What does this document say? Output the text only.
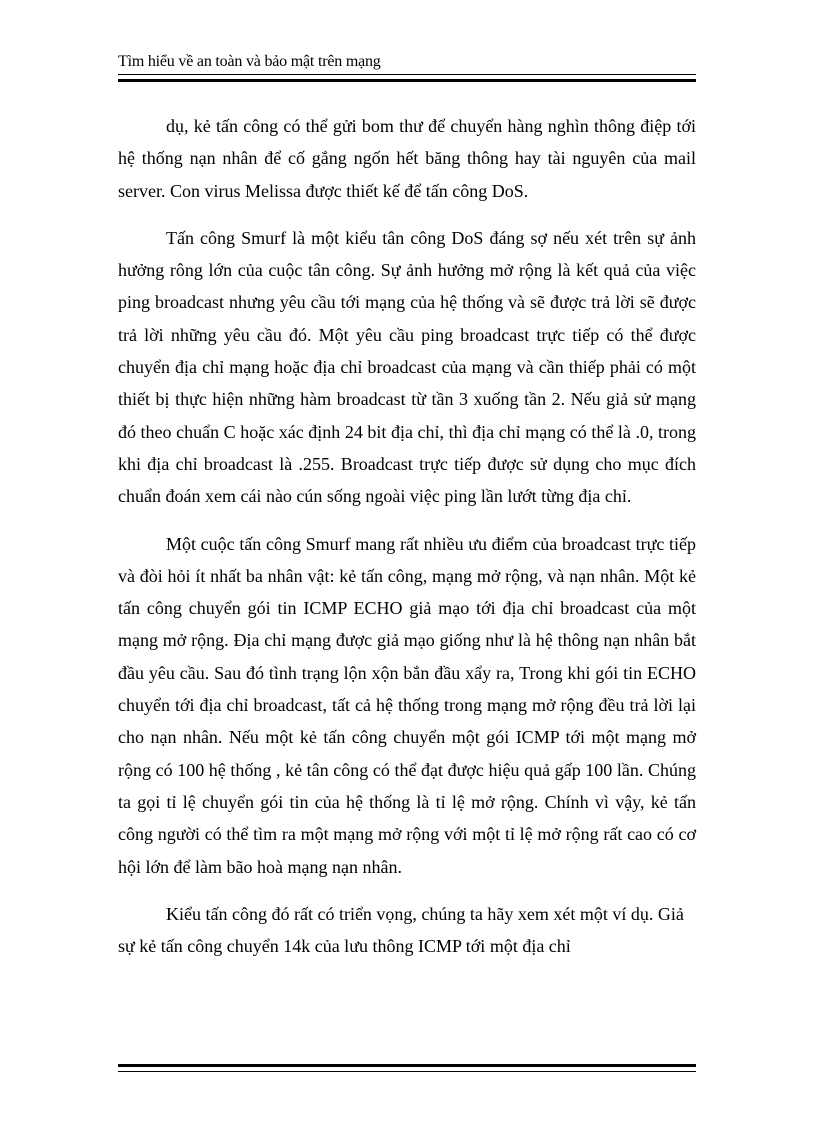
Tìm hiểu về an toàn và bảo mật trên mạng

dụ, kẻ tấn công có thể gửi bom thư để chuyển hàng nghìn thông điệp tới hệ thống nạn nhân để cố gắng ngốn hết băng thông hay tài nguyên của mail server. Con virus Melissa được thiết kế để tấn công DoS.

Tấn công Smurf là một kiểu tân công DoS đáng sợ nếu xét trên sự ảnh hưởng rông lớn của cuộc tân công. Sự ảnh hưởng mở rộng là kết quả của việc ping broadcast nhưng yêu cầu tới mạng của hệ thống và sẽ được trả lời sẽ được trả lời những yêu cầu đó. Một yêu cầu ping broadcast trực tiếp có thể được chuyển địa chỉ mạng hoặc địa chỉ broadcast của mạng và cần thiếp phải có một thiết bị thực hiện những hàm broadcast từ tần 3 xuống tần 2. Nếu giả sử mạng đó theo chuẩn C hoặc xác định 24 bit địa chỉ, thì địa chỉ mạng có thể là .0, trong khi địa chỉ broadcast là .255. Broadcast trực tiếp được sử dụng cho mục đích chuẩn đoán xem cái nào cún sống ngoài việc ping lần lướt từng địa chỉ.

Một cuộc tấn công Smurf mang rất nhiều ưu điểm của broadcast trực tiếp và đòi hỏi ít nhất ba nhân vật: kẻ tấn công, mạng mở rộng, và nạn nhân. Một kẻ tấn công chuyển gói tin ICMP ECHO giả mạo tới địa chỉ broadcast của một mạng mở rộng. Địa chỉ mạng được giả mạo giống như là hệ thông nạn nhân bắt đầu yêu cầu. Sau đó tình trạng lộn xộn bắn đầu xẩy ra, Trong khi gói tin ECHO chuyển tới địa chỉ broadcast, tất cả hệ thống trong mạng mở rộng đều trả lời lại cho nạn nhân. Nếu một kẻ tấn công chuyển một gói ICMP tới một mạng mở rộng có 100 hệ thống , kẻ tân công có thể đạt được hiệu quả gấp 100 lần. Chúng ta gọi tỉ lệ chuyển gói tin của hệ thống là tỉ lệ mở rộng. Chính vì vậy, kẻ tấn công người có thể tìm ra một mạng mở rộng với một tỉ lệ mở rộng rất cao có cơ hội lớn để làm bão hoà mạng nạn nhân.

Kiểu tấn công đó rất có triển vọng, chúng ta hãy xem xét một ví dụ. Giả sự kẻ tấn công chuyển 14k của lưu thông ICMP tới một địa chỉ
